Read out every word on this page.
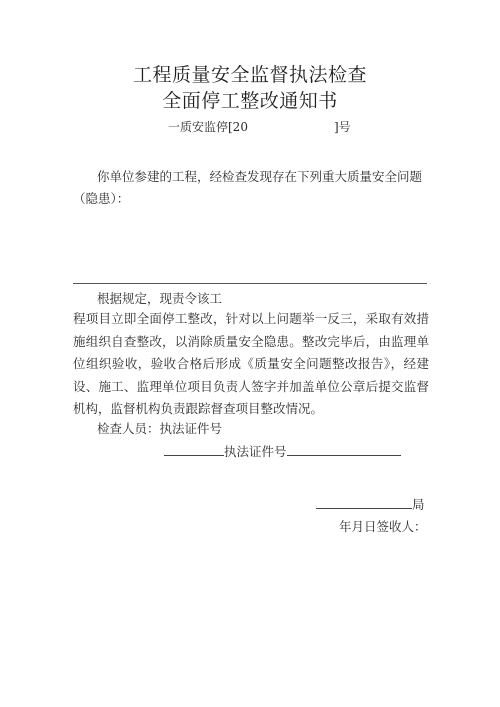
工程质量安全监督执法检查
全面停工整改通知书
一质安监停[20	]号

你单位参建的工程，经检查发现存在下列重大质量安全问题（隐患）：

根据规定，现责令该工

程项目立即全面停工整改，针对以上问题举一反三，采取有效措施组织自查整改，以消除质量安全隐患。整改完毕后，由监理单位组织验收，验收合格后形成《质量安全问题整改报告》，经建设、施工、监理单位项目负责人签字并加盖单位公章后提交监督机构，监督机构负责跟踪督查项目整改情况。

检查人员：执法证件号

执法证件号
局
年月日签收人：
